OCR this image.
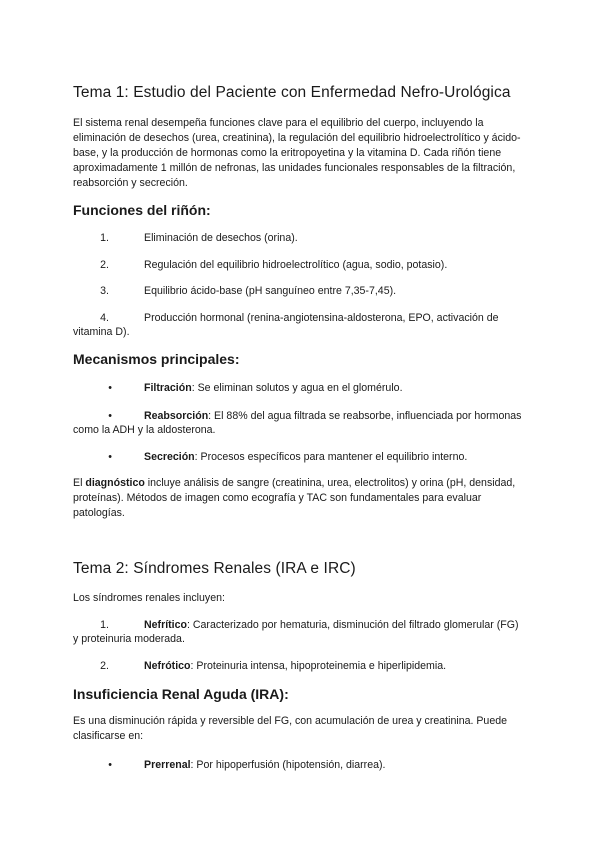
Tema 1: Estudio del Paciente con Enfermedad Nefro-Urológica

El sistema renal desempeña funciones clave para el equilibrio del cuerpo, incluyendo la eliminación de desechos (urea, creatinina), la regulación del equilibrio hidroelectrolítico y ácido-base, y la producción de hormonas como la eritropoyetina y la vitamina D. Cada riñón tiene aproximadamente 1 millón de nefronas, las unidades funcionales responsables de la filtración, reabsorción y secreción.

Funciones del riñón:

1.	Eliminación de desechos (orina).

2.	Regulación del equilibrio hidroelectrolítico (agua, sodio, potasio).

3.	Equilibrio ácido-base (pH sanguíneo entre 7,35-7,45).

4.	Producción hormonal (renina-angiotensina-aldosterona, EPO, activación de vitamina D).

Mecanismos principales:

•	Filtración: Se eliminan solutos y agua en el glomérulo.

•	Reabsorción: El 88% del agua filtrada se reabsorbe, influenciada por hormonas como la ADH y la aldosterona.

•	Secreción: Procesos específicos para mantener el equilibrio interno.

El diagnóstico incluye análisis de sangre (creatinina, urea, electrolitos) y orina (pH, densidad, proteínas). Métodos de imagen como ecografía y TAC son fundamentales para evaluar patologías.

Tema 2: Síndromes Renales (IRA e IRC)

Los síndromes renales incluyen:

1.	Nefrítico: Caracterizado por hematuria, disminución del filtrado glomerular (FG) y proteinuria moderada.

2.	Nefrótico: Proteinuria intensa, hipoproteinemia e hiperlipidemia.

Insuficiencia Renal Aguda (IRA):

Es una disminución rápida y reversible del FG, con acumulación de urea y creatinina. Puede clasificarse en:

•	Prerrenal: Por hipoperfusión (hipotensión, diarrea).
